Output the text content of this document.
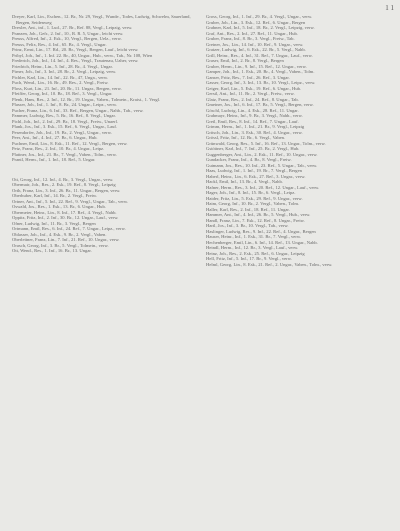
1 1
Dreyer, Karl, Lin., Eschen., 12. Br., Nr. 29, Vergl., Wunde., Todes, Ludwig, Schwelm, Sauerland, Bergen, Seidenweg
Drexler, Ant., inf., 1. Lud., 27. Br., Ref. 88, Vergl., Leipzig, verw.
Pranzen, Joh., Gefr., 2. Inf., 10., R. R. 5, Ungar., leicht verw.
Preuss, Alfred, Inf., 2. Esk., 10, Vergl., Bergen, Uelz., verw.
Preuss, Felix, Res., 4. Inf., 65. Br., 4. Vergl., Ungar.
Prinz, Ernst, Lin., 17. Rd., 20. Br., Vergl., Bergen, Lauf., leicht verw.
Pribyl, Joh., Inf., 1. Inf. 22. Br., 40, Ungar., Hub., verw., Tab., Nr. 108, Wien
Frederich, Joh., Inf., 14. Inf., 4. Res., Vergl., Trautenau, Uaher, verw.
Friedrich, Heinr., Lin., 5. Inf., 28. Br., 4. Vergl., Ungar.
Pirner, Joh., Inf., 3. Inf., 28. Br., 2. Vergl., Leipzig, verw.
Pichler, Karl, Lin., 14. Inf., 22. Br., 47, Unga., verw.
Puch, Wend., Lin., 16. Br., 49. Res., 2. Vergl., Freiw.
Ploss, Kurt, Lin., 21. Inf., 20. Br., 11. Ungar., Bergen, verw.
Pfeiffer, Georg, Inf., 10. Br., 18. Ref., 3. Vergl., Ungar.
Plenk, Hans, Res., 2. Inf., 12. Br., 19. Ungar., Vaben., Tolmein., Kraist., 1. Vergl.
Plasser, Joh., Inf., 1. Inf., 8. Br., 24. Ungar., Leipz., verw.
Pucher, Franz, Lin., 6. Inf., 33. Ref., Bergen, Ungar., Nahb., Tab., verw.
Pammer, Ludwig, Res., 5. Br., 16. Ref., 8. Vergl., Ungar.
Pichl, Joh., Inf., 2. Inf., 29. Br., 18. Vergl., Freiw., Unaerl.
Plank, Jos., Inf., 3. Esk., 15. Ref., 6. Vergl., Ungar., Lauf.
Pesendorfer, Joh., Inf., 19. Br., 2. Vergl., Ungar., verw.
Peer, Ant., Inf., 4. Inf., 27. Br., 6. Ungar., Hub.
Puchner, Emil, Lin., 8. Esk., 11. Ref., 12. Vergl., Bergen, verw.
Petz, Franz, Res., 2. Inf., 10. Br., 4. Ungar., Leipz.
Plattner, Jos., Inf., 21. Br., 7. Vergl., Vaben., Tolm., verw.
Prantl, Herm., Inf., 1. Inf., 18. Ref., 5. Ungar.
Ott, Georg, Inf., 12. Inf., 4. Br., 3. Vergl., Ungar., verw.
Obermair, Joh., Res., 2. Esk., 19. Ref., 8. Vergl., Leipzig
Orth, Franz, Lin., 3. Inf., 26. Br., 11. Ungar., Bergen, verw.
Oberhuber, Karl, Inf., 14. Br., 2. Vergl., Freiw.
Ortner, Ant., Inf., 5. Inf., 22. Ref., 9. Vergl., Ungar., Tab., verw.
Oswald, Jos., Res., 1. Esk., 13. Br., 6. Ungar., Hub.
Obermeier, Heinr., Lin., 8. Inf., 17. Ref., 4. Vergl., Nahb.
Oppitz, Fritz, Inf., 2. Inf., 30. Br., 12. Ungar., Lauf., verw.
Ofner, Ludwig, Inf., 11. Br., 3. Vergl., Bergen
Ortmann, Emil, Res., 6. Inf., 24. Ref., 7. Ungar., Leipz., verw.
Oblasser, Joh., Inf., 4. Esk., 9. Br., 2. Vergl., Vaben.
Oberleitner, Franz, Lin., 7. Inf., 21. Ref., 10. Ungar., verw.
Orasch, Georg, Inf., 3. Br., 5. Vergl., Tolmein., verw.
Ott, Wend., Res., 1. Inf., 16. Br., 13. Ungar.
Gross, Georg, Inf., 1. Inf., 29. Br., 4. Vergl., Ungar., verw.
Gruber, Joh., Lin., 3. Esk., 12. Ref., 6. Ungar., Bergen
Grabner, Karl, Inf., 5. Inf., 18. Br., 2. Vergl., Leipzig, verw.
Graf, Ant., Res., 2. Inf., 27. Ref., 11. Ungar., Hub.
Gruber, Franz, Inf., 8. Br., 3. Vergl., Freiw., Tab.
Greiner, Jos., Lin., 14. Inf., 10. Ref., 9. Ungar., verw.
Gratzer, Ludwig, Inf., 6. Esk., 22. Br., 5. Vergl., Nahb.
Grill, Heinr., Res., 4. Inf., 31. Ref., 7. Ungar., Lauf., verw.
Graser, Emil, Inf., 2. Br., 8. Vergl., Bergen
Gruber, Herm., Lin., 9. Inf., 15. Ref., 12. Ungar., verw.
Gamper, Joh., Inf., 1. Esk., 20. Br., 4. Vergl., Vaben., Tolm.
Ganser, Fritz, Res., 7. Inf., 26. Ref., 3. Ungar.
Gasser, Georg, Inf., 3. Inf., 13. Br., 10. Vergl., Leipz., verw.
Geiger, Karl, Lin., 5. Esk., 19. Ref., 6. Ungar., Hub.
Gerstl, Ant., Inf., 11. Br., 2. Vergl., Freiw., verw.
Glatz, Franz, Res., 2. Inf., 24. Ref., 8. Ungar., Tab.
Gmeiner, Jos., Inf., 6. Inf., 17. Br., 5. Vergl., Bergen, verw.
Göschl, Ludwig, Lin., 4. Esk., 28. Ref., 11. Ungar.
Grabmayr, Heinr., Inf., 9. Br., 3. Vergl., Nahb., verw.
Greil, Emil, Res., 8. Inf., 14. Ref., 7. Ungar., Lauf.
Grimm, Herm., Inf., 1. Inf., 21. Br., 9. Vergl., Leipzig
Gritsch, Joh., Lin., 3. Esk., 30. Ref., 4. Ungar., verw.
Grössl, Fritz, Inf., 12. Br., 6. Vergl., Vaben.
Grünwald, Georg, Res., 5. Inf., 16. Ref., 13. Ungar., Tolm., verw.
Gstöttner, Karl, Inf., 7. Inf., 25. Br., 2. Vergl., Hub.
Guggenberger, Ant., Lin., 2. Esk., 11. Ref., 10. Ungar., verw.
Gundacker, Franz, Inf., 4. Br., 8. Vergl., Freiw.
Gutmann, Jos., Res., 10. Inf., 23. Ref., 5. Ungar., Tab., verw.
Haas, Ludwig, Inf., 1. Inf., 19. Br., 7. Vergl., Bergen
Haberl, Heinr., Lin., 6. Esk., 27. Ref., 3. Ungar., verw.
Hackl, Emil, Inf., 13. Br., 4. Vergl., Nahb.
Hafner, Herm., Res., 3. Inf., 20. Ref., 12. Ungar., Lauf., verw.
Hager, Joh., Inf., 8. Inf., 15. Br., 6. Vergl., Leipz.
Haider, Fritz, Lin., 5. Esk., 29. Ref., 9. Ungar., verw.
Haim, Georg, Inf., 10. Br., 2. Vergl., Vaben., Tolm.
Haller, Karl, Res., 2. Inf., 18. Ref., 11. Ungar.
Hammer, Ant., Inf., 4. Inf., 26. Br., 5. Vergl., Hub., verw.
Handl, Franz, Lin., 7. Esk., 12. Ref., 8. Ungar., Freiw.
Hartl, Jos., Inf., 3. Br., 10. Vergl., Tab., verw.
Haslinger, Ludwig, Res., 9. Inf., 22. Ref., 4. Ungar., Bergen
Hauser, Heinr., Inf., 1. Esk., 31. Br., 7. Vergl., verw.
Hechenberger, Emil, Lin., 6. Inf., 14. Ref., 13. Ungar., Nahb.
Heindl, Herm., Inf., 12. Br., 3. Vergl., Lauf., verw.
Heinz, Joh., Res., 2. Esk., 25. Ref., 6. Ungar., Leipzig
Hell, Fritz, Inf., 5. Inf., 17. Br., 9. Vergl., verw.
Helml, Georg, Lin., 8. Esk., 21. Ref., 2. Ungar., Vaben., Tolm., verw.
